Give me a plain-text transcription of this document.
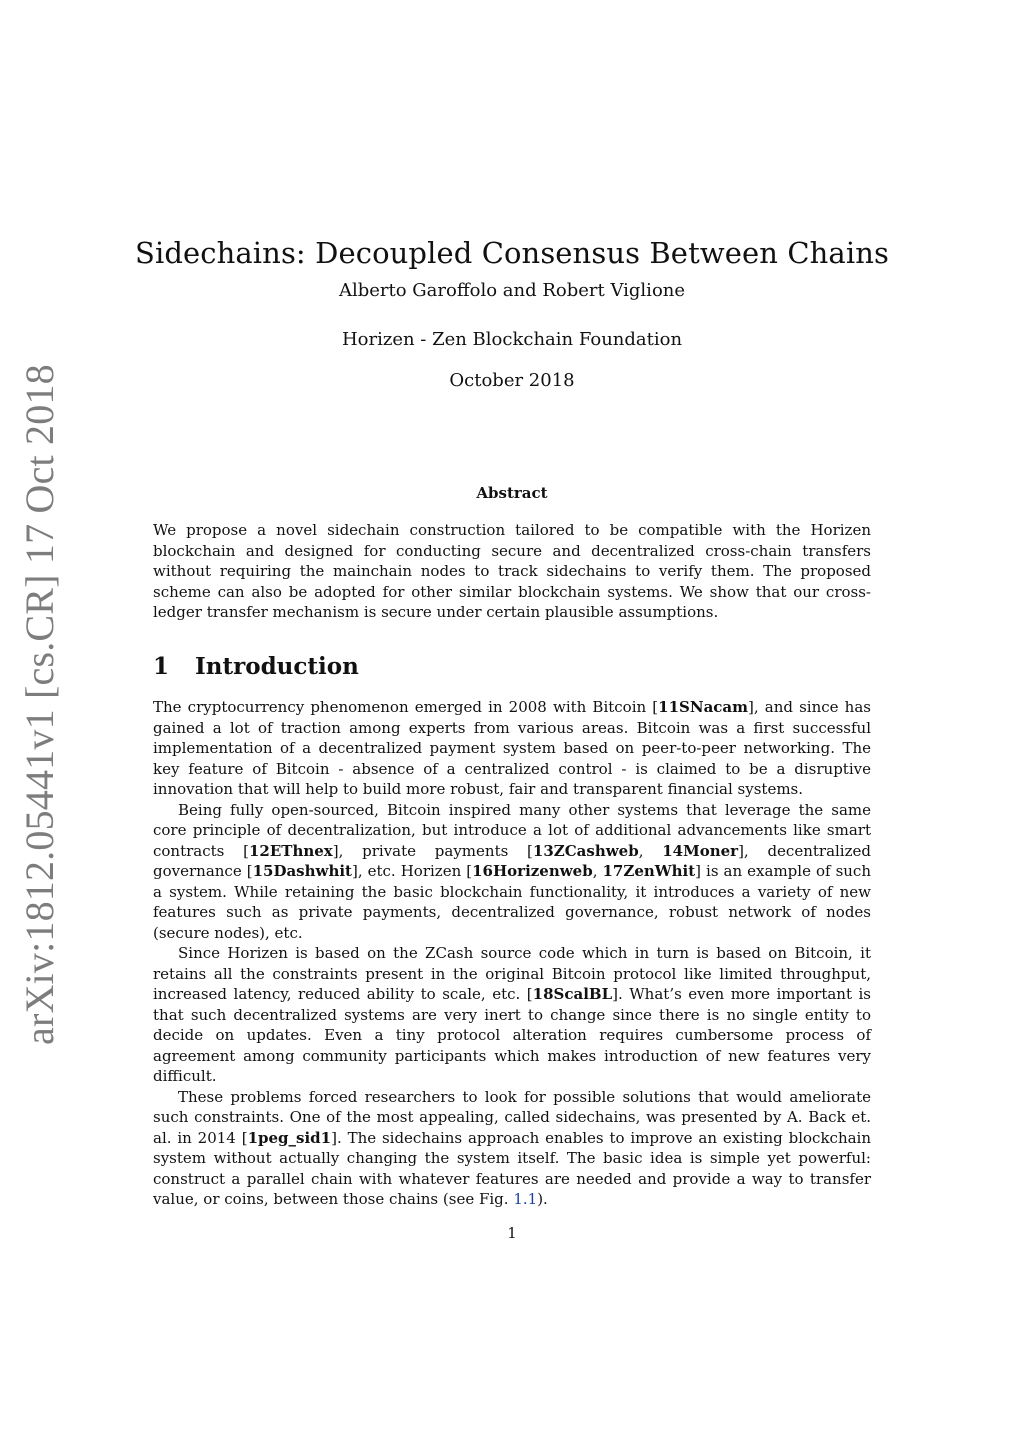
arXiv:1812.05441v1 [cs.CR] 17 Oct 2018
Sidechains: Decoupled Consensus Between Chains
Alberto Garoffolo and Robert Viglione
Horizen - Zen Blockchain Foundation
October 2018
Abstract

We propose a novel sidechain construction tailored to be compatible with the Horizen blockchain and designed for conducting secure and decentralized cross-chain transfers without requiring the mainchain nodes to track sidechains to verify them. The proposed scheme can also be adopted for other similar blockchain systems. We show that our cross-ledger transfer mechanism is secure under certain plausible assumptions.

1 Introduction

The cryptocurrency phenomenon emerged in 2008 with Bitcoin [11SNacam], and since has gained a lot of traction among experts from various areas. Bitcoin was a first successful implementation of a decentralized payment system based on peer-to-peer networking. The key feature of Bitcoin - absence of a centralized control - is claimed to be a disruptive innovation that will help to build more robust, fair and transparent financial systems.

Being fully open-sourced, Bitcoin inspired many other systems that leverage the same core principle of decentralization, but introduce a lot of additional advancements like smart contracts [12EThnex], private payments [13ZCashweb, 14Moner], decentralized governance [15Dashwhit], etc. Horizen [16Horizenweb, 17ZenWhit] is an example of such a system. While retaining the basic blockchain functionality, it introduces a variety of new features such as private payments, decentralized governance, robust network of nodes (secure nodes), etc.

Since Horizen is based on the ZCash source code which in turn is based on Bitcoin, it retains all the constraints present in the original Bitcoin protocol like limited throughput, increased latency, reduced ability to scale, etc. [18ScalBL]. What’s even more important is that such decentralized systems are very inert to change since there is no single entity to decide on updates. Even a tiny protocol alteration requires cumbersome process of agreement among community participants which makes introduction of new features very difficult.

These problems forced researchers to look for possible solutions that would ameliorate such constraints. One of the most appealing, called sidechains, was presented by A. Back et. al. in 2014 [1peg_sid1]. The sidechains approach enables to improve an existing blockchain system without actually changing the system itself. The basic idea is simple yet powerful: construct a parallel chain with whatever features are needed and provide a way to transfer value, or coins, between those chains (see Fig. 1.1).

1
